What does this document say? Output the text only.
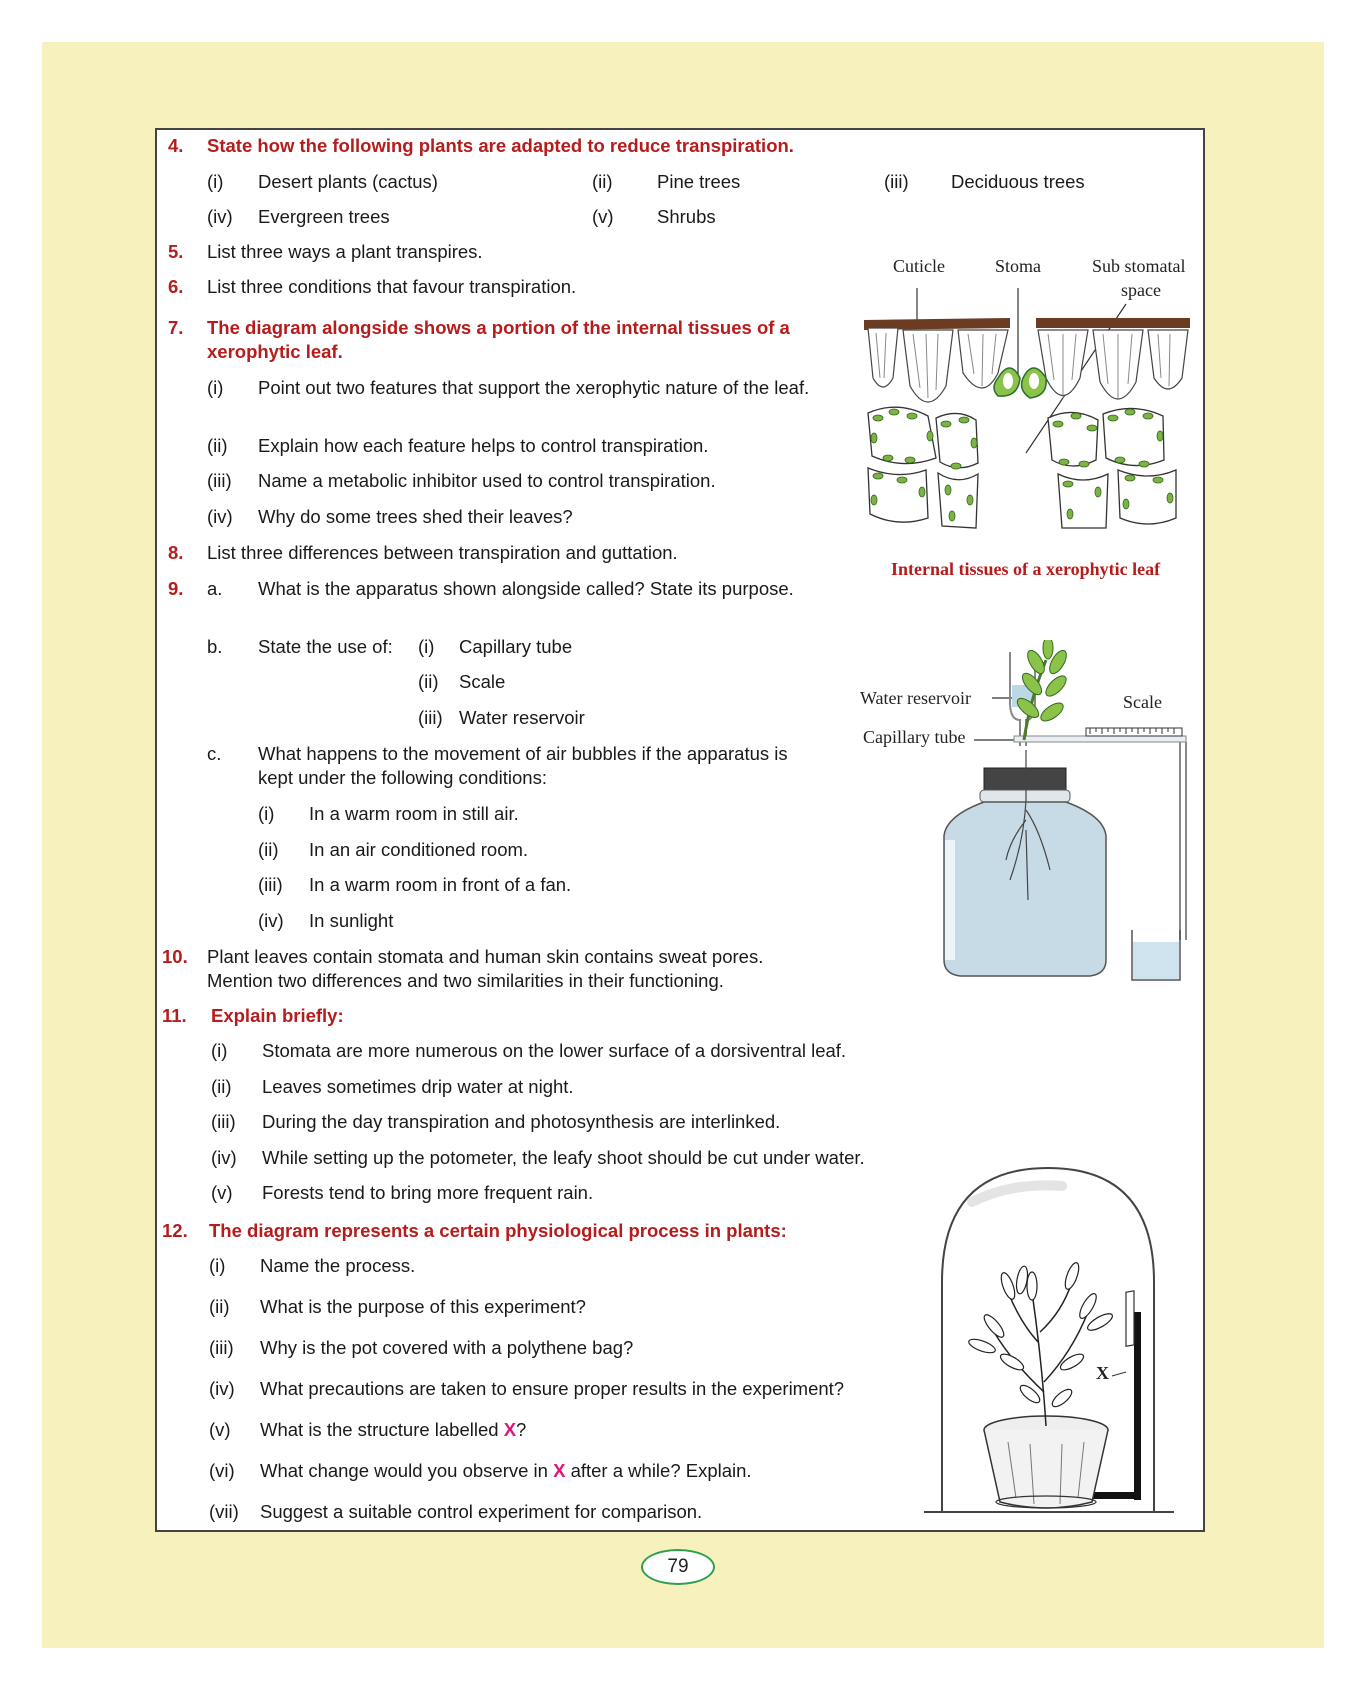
4. State how the following plants are adapted to reduce transpiration.
(i) Desert plants (cactus)	(ii) Pine trees	(iii) Deciduous trees
(iv) Evergreen trees	(v) Shrubs
5. List three ways a plant transpires.
6. List three conditions that favour transpiration.
7. The diagram alongside shows a portion of the internal tissues of a xerophytic leaf.
(i) Point out two features that support the xerophytic nature of the leaf.
(ii) Explain how each feature helps to control transpiration.
(iii) Name a metabolic inhibitor used to control transpiration.
(iv) Why do some trees shed their leaves?
8. List three differences between transpiration and guttation.
9. a. What is the apparatus shown alongside called? State its purpose.
b. State the use of: (i) Capillary tube
(ii) Scale
(iii) Water reservoir
c. What happens to the movement of air bubbles if the apparatus is kept under the following conditions:
(i) In a warm room in still air.
(ii) In an air conditioned room.
(iii) In a warm room in front of a fan.
(iv) In sunlight
10. Plant leaves contain stomata and human skin contains sweat pores. Mention two differences and two similarities in their functioning.
11. Explain briefly:
(i) Stomata are more numerous on the lower surface of a dorsiventral leaf.
(ii) Leaves sometimes drip water at night.
(iii) During the day transpiration and photosynthesis are interlinked.
(iv) While setting up the potometer, the leafy shoot should be cut under water.
(v) Forests tend to bring more frequent rain.
12. The diagram represents a certain physiological process in plants:
(i) Name the process.
(ii) What is the purpose of this experiment?
(iii) Why is the pot covered with a polythene bag?
(iv) What precautions are taken to ensure proper results in the experiment?
(v) What is the structure labelled X?
(vi) What change would you observe in X after a while? Explain.
(vii) Suggest a suitable control experiment for comparison.
Cuticle	Stoma	Sub stomatal
space
Internal tissues of a xerophytic leaf
Water reservoir	Scale
Capillary tube
X
79
